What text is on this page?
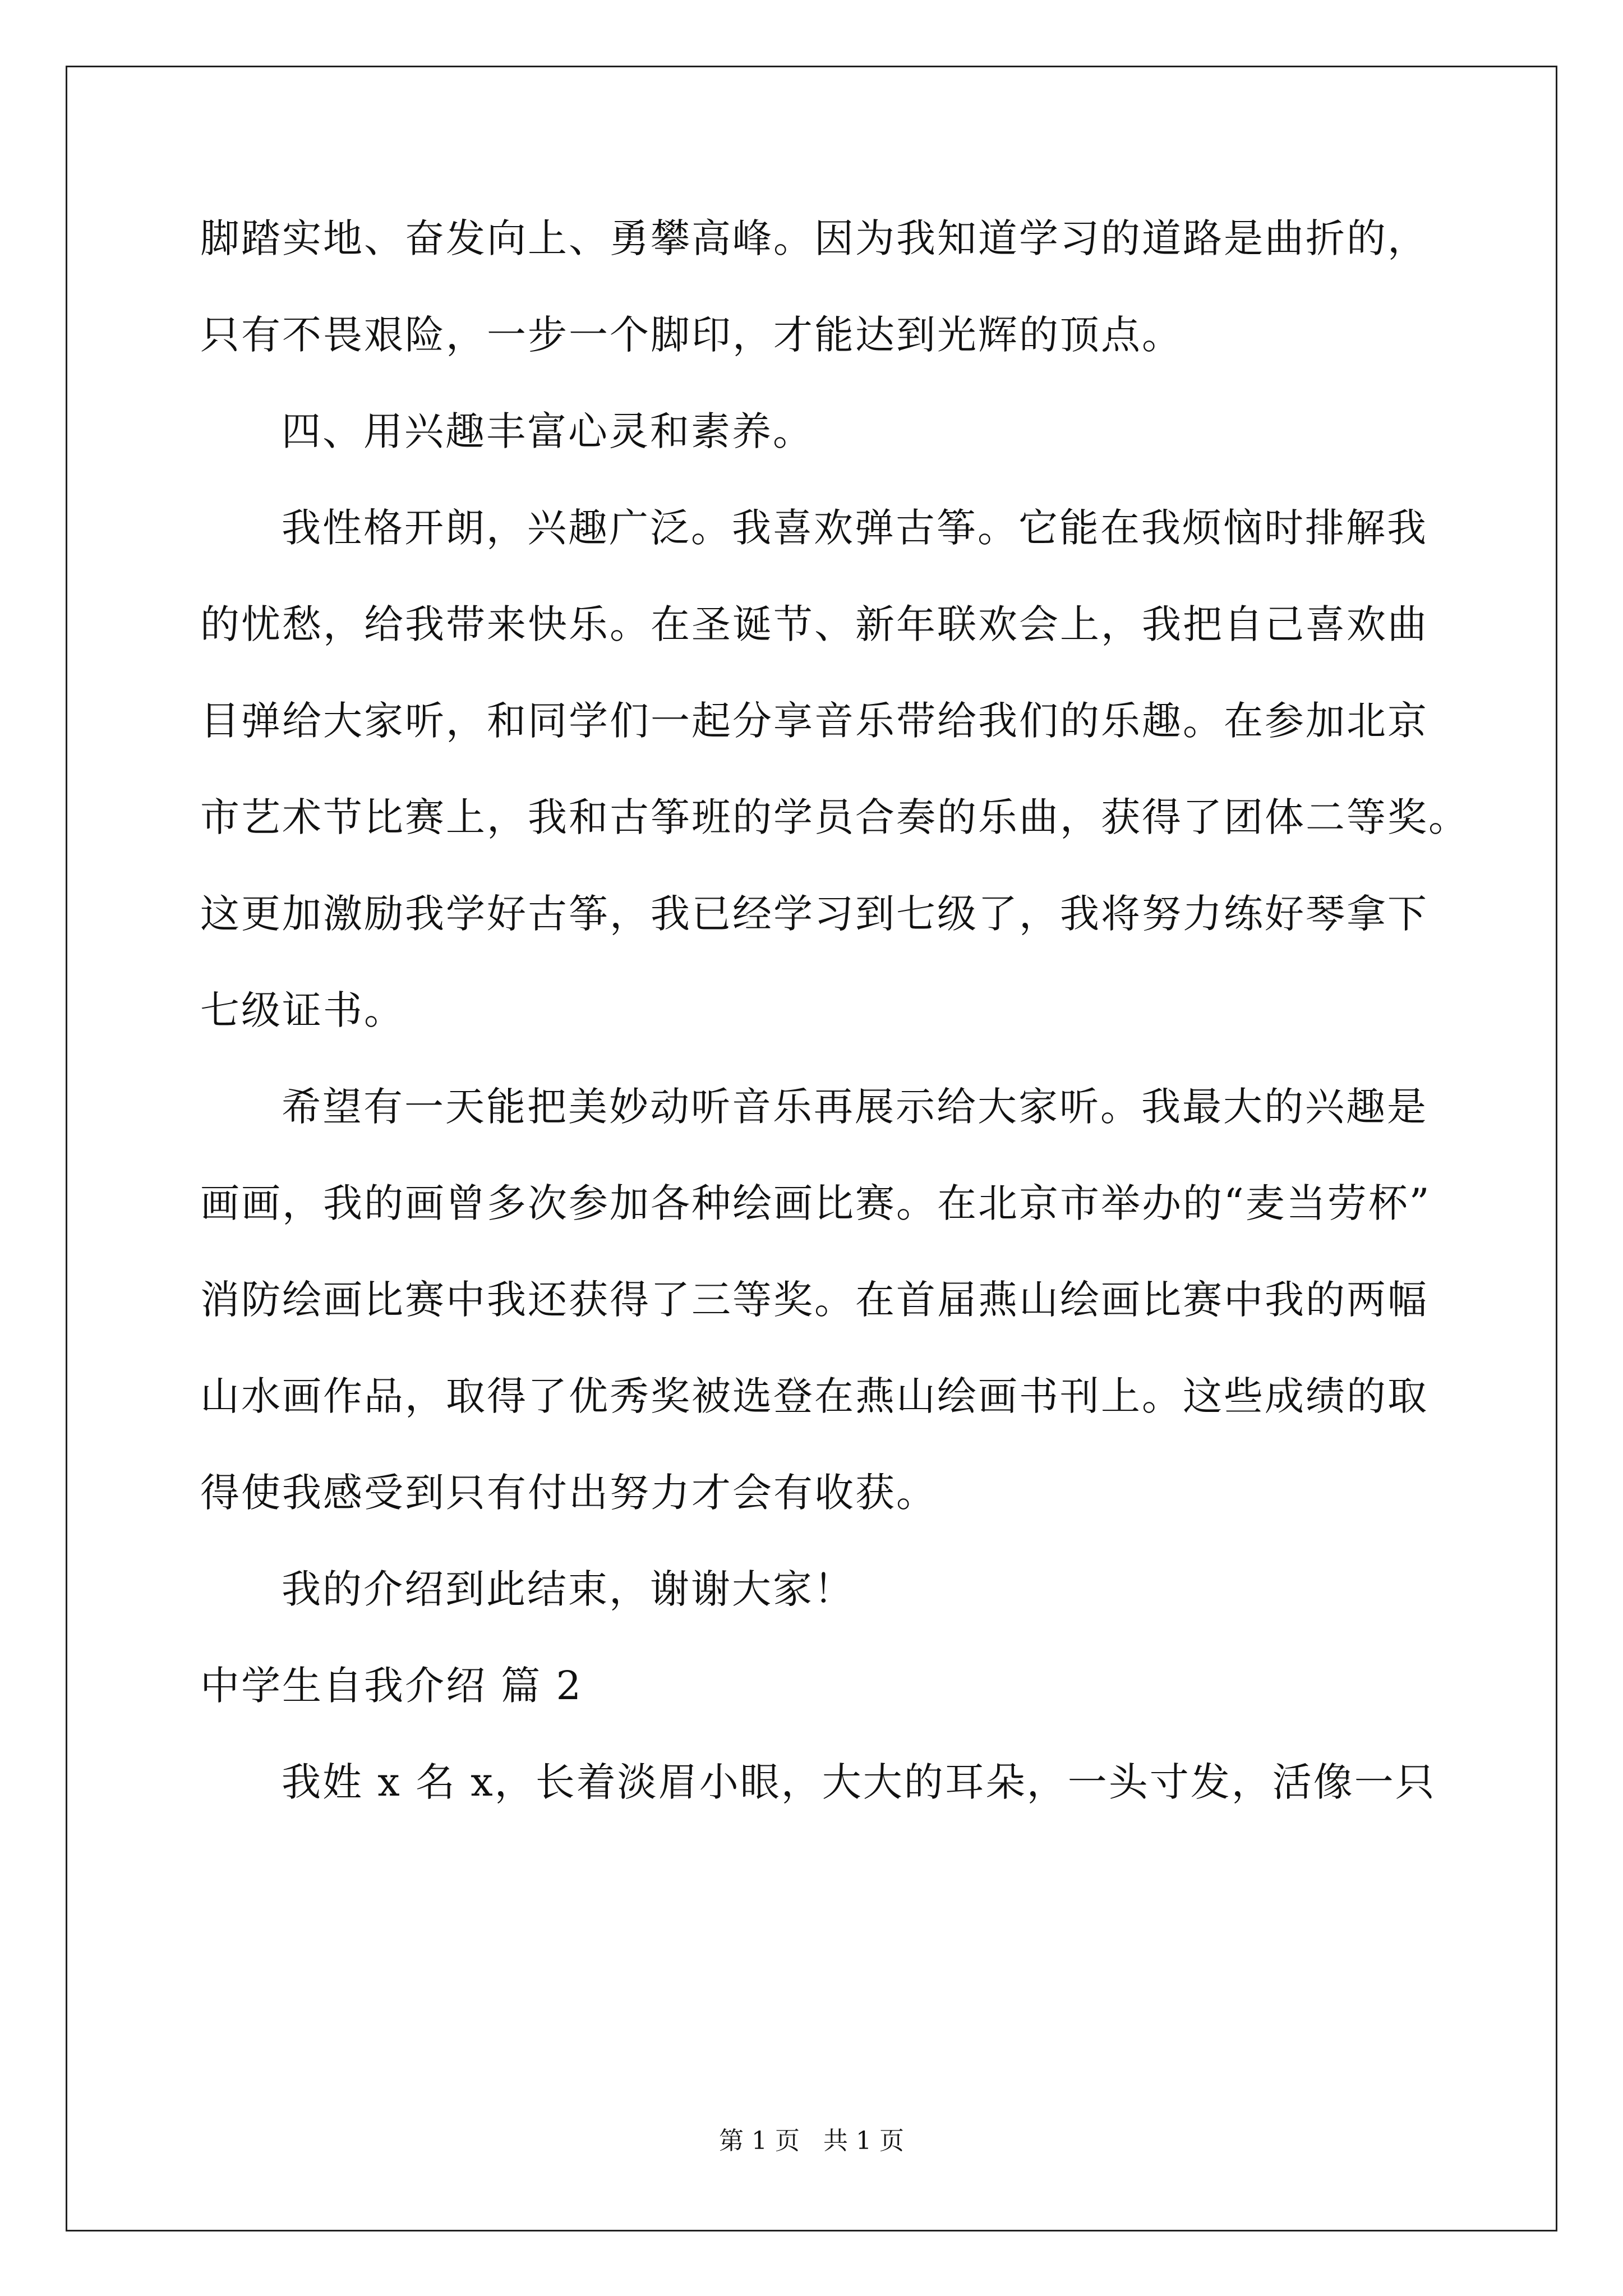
脚踏实地、奋发向上、勇攀高峰。因为我知道学习的道路是曲折的，
只有不畏艰险，一步一个脚印，才能达到光辉的顶点。
四、用兴趣丰富心灵和素养。
我性格开朗，兴趣广泛。我喜欢弹古筝。它能在我烦恼时排解我
的忧愁，给我带来快乐。在圣诞节、新年联欢会上，我把自己喜欢曲
目弹给大家听，和同学们一起分享音乐带给我们的乐趣。在参加北京
市艺术节比赛上，我和古筝班的学员合奏的乐曲，获得了团体二等奖。
这更加激励我学好古筝，我已经学习到七级了，我将努力练好琴拿下
七级证书。
希望有一天能把美妙动听音乐再展示给大家听。我最大的兴趣是
画画，我的画曾多次参加各种绘画比赛。在北京市举办的“麦当劳杯”
消防绘画比赛中我还获得了三等奖。在首届燕山绘画比赛中我的两幅
山水画作品，取得了优秀奖被选登在燕山绘画书刊上。这些成绩的取
得使我感受到只有付出努力才会有收获。
我的介绍到此结束，谢谢大家！
中学生自我介绍 篇 2
我姓 x 名 x，长着淡眉小眼，大大的耳朵，一头寸发，活像一只
第 1 页 共 1 页
